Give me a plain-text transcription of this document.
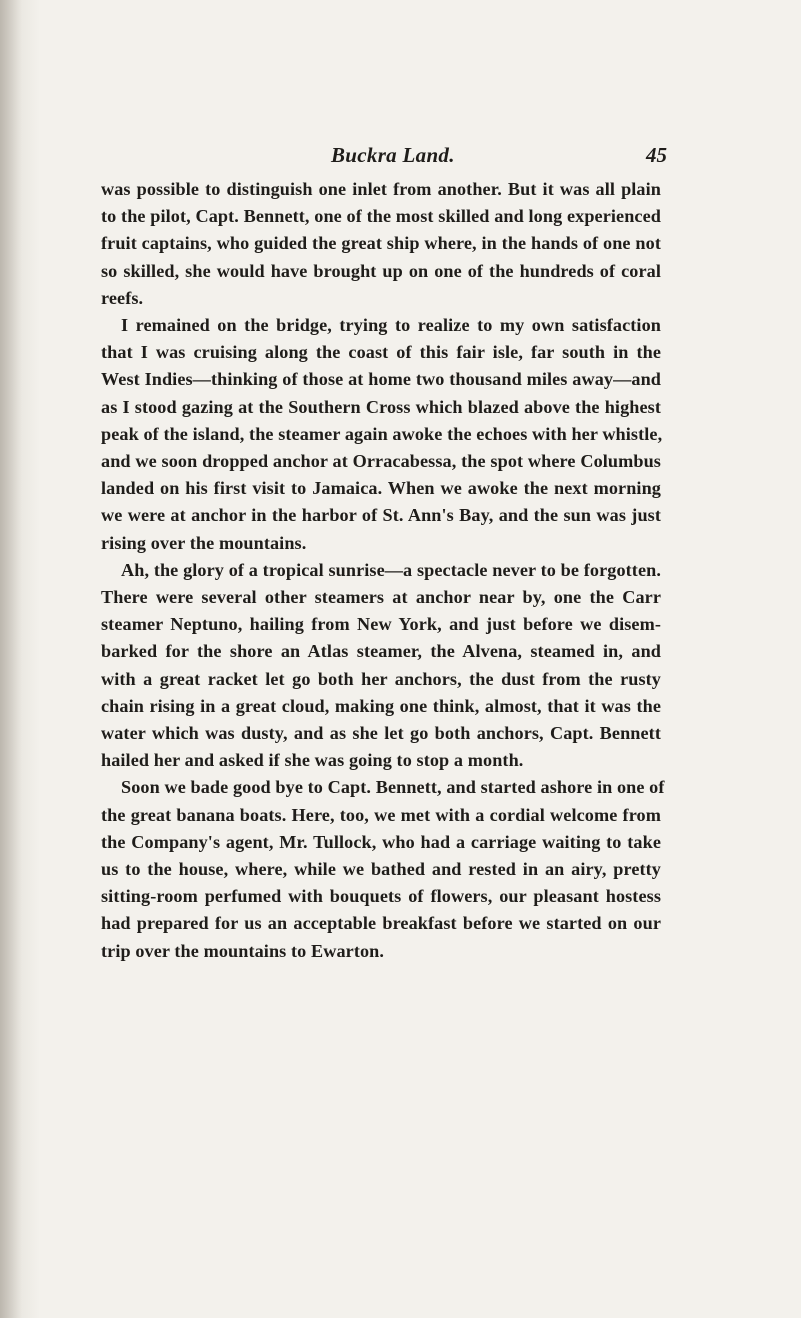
Buckra Land.	45
was possible to distinguish one inlet from another. But it was all plain
to the pilot, Capt. Bennett, one of the most skilled and long experienced
fruit captains, who guided the great ship where, in the hands of one not
so skilled, she would have brought up on one of the hundreds of coral
reefs.
I remained on the bridge, trying to realize to my own satisfaction
that I was cruising along the coast of this fair isle, far south in the
West Indies—thinking of those at home two thousand miles away—and
as I stood gazing at the Southern Cross which blazed above the highest
peak of the island, the steamer again awoke the echoes with her whistle,
and we soon dropped anchor at Orracabessa, the spot where Columbus
landed on his first visit to Jamaica. When we awoke the next morning
we were at anchor in the harbor of St. Ann's Bay, and the sun was just
rising over the mountains.
Ah, the glory of a tropical sunrise—a spectacle never to be forgotten.
There were several other steamers at anchor near by, one the Carr
steamer Neptuno, hailing from New York, and just before we disem-
barked for the shore an Atlas steamer, the Alvena, steamed in, and
with a great racket let go both her anchors, the dust from the rusty
chain rising in a great cloud, making one think, almost, that it was the
water which was dusty, and as she let go both anchors, Capt. Bennett
hailed her and asked if she was going to stop a month.
Soon we bade good bye to Capt. Bennett, and started ashore in one of
the great banana boats. Here, too, we met with a cordial welcome from
the Company's agent, Mr. Tullock, who had a carriage waiting to take
us to the house, where, while we bathed and rested in an airy, pretty
sitting-room perfumed with bouquets of flowers, our pleasant hostess
had prepared for us an acceptable breakfast before we started on our
trip over the mountains to Ewarton.
